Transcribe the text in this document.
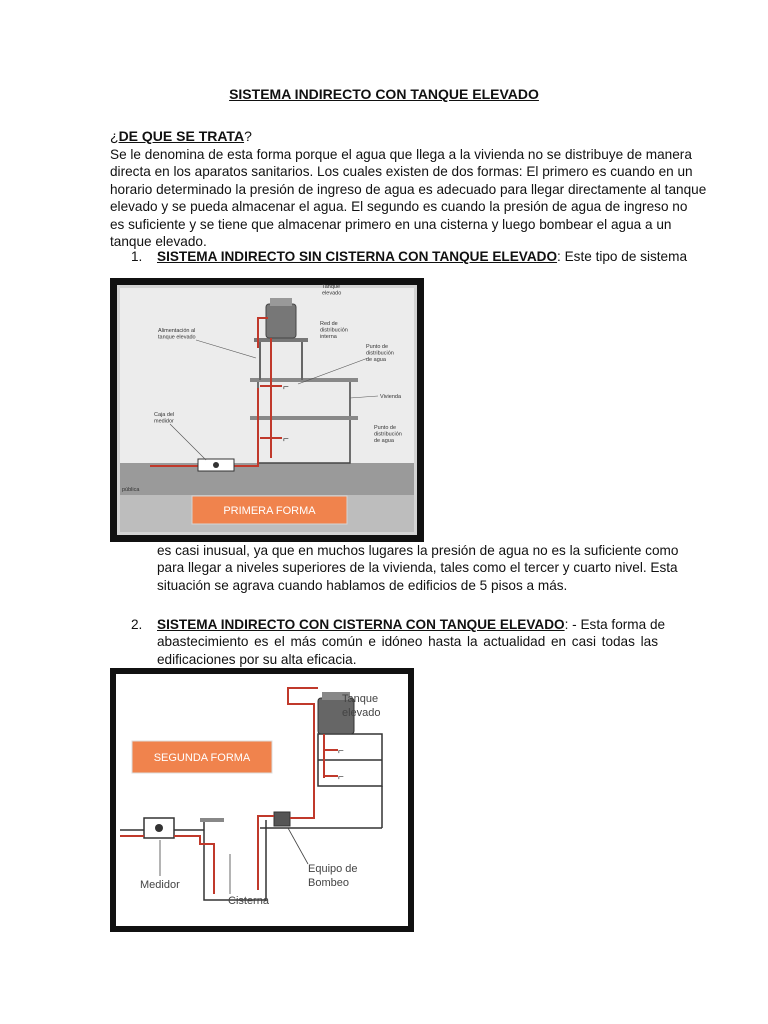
SISTEMA INDIRECTO CON TANQUE ELEVADO
¿DE QUE SE TRATA?
Se le denomina de esta forma porque el agua que llega a la vivienda no se distribuye de manera
directa en los aparatos sanitarios. Los cuales existen de dos formas: El primero es cuando en un
horario determinado la presión de ingreso de agua es adecuado para llegar directamente al tanque
elevado y se pueda almacenar el agua. El segundo es cuando la presión de agua de ingreso no
es suficiente y se tiene que almacenar primero en una cisterna y luego bombear el agua a un
tanque elevado.
1. SISTEMA INDIRECTO SIN CISTERNA CON TANQUE ELEVADO: Este tipo de sistema
⌐
⌐
Tanque elevado
Alimentación al tanque elevado
Red de distribución interna
Punto de distribución de agua
Vivienda
Caja del medidor
Punto de distribución de agua
pública
PRIMERA FORMA
es casi inusual, ya que en muchos lugares la presión de agua no es la suficiente como
para llegar a niveles superiores de la vivienda, tales como el tercer y cuarto nivel. Esta
situación se agrava cuando hablamos de edificios de 5 pisos a más.
2. SISTEMA INDIRECTO CON CISTERNA CON TANQUE ELEVADO: - Esta forma de
abastecimiento es el más común e idóneo hasta la actualidad en casi todas las
edificaciones por su alta eficacia.
⌐
⌐
Tanque elevado
Medidor
Cisterna
Equipo de Bombeo
SEGUNDA FORMA
